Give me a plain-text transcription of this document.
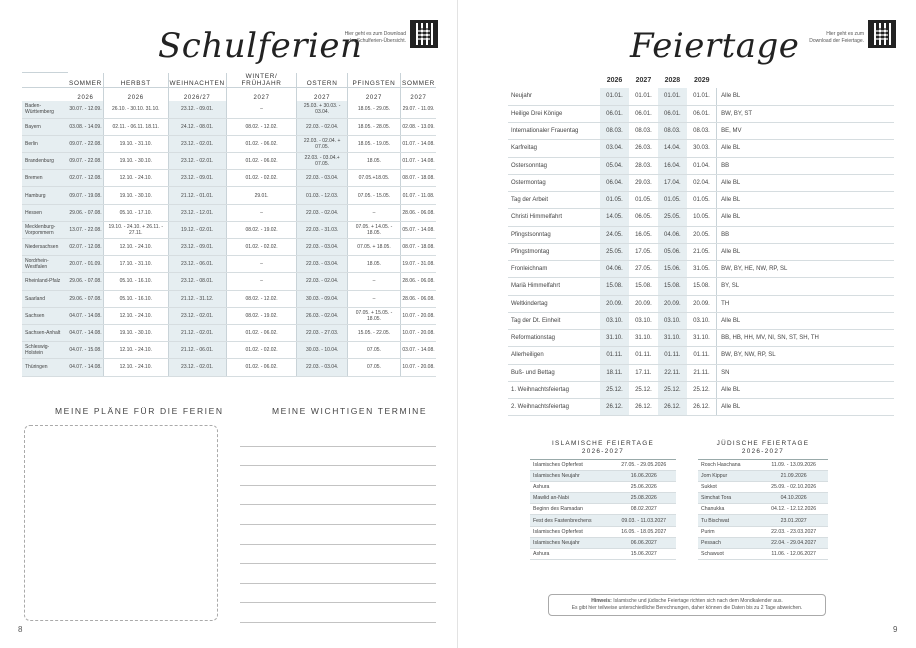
Schulferien
Hier geht es zum Download
der Schulferien-Übersicht.
	SOMMER	HERBST	WEIHNACHTEN	WINTER/ FRÜHJAHR	OSTERN	PFINGSTEN	SOMMER
	2026	2026	2026/27	2027	2027	2027	2027
Baden-Württemberg	30.07. - 12.09.	26.10. - 30.10. 31.10.	23.12. - 09.01.	–	25.03. + 30.03. - 03.04.	18.05. - 29.05.	29.07. - 11.09.
Bayern	03.08. - 14.09.	02.11. - 06.11. 18.11.	24.12. - 08.01.	08.02. - 12.02.	22.03. - 02.04.	18.05. - 28.05.	02.08. - 13.09.
Berlin	09.07. - 22.08.	19.10. - 31.10.	23.12. - 02.01.	01.02. - 06.02.	22.03. - 02.04. + 07.05.	18.05. - 19.05.	01.07. - 14.08.
Brandenburg	09.07. - 22.08.	19.10. - 30.10.	23.12. - 02.01.	01.02. - 06.02.	22.03. - 03.04.+ 07.05.	18.05.	01.07. - 14.08.
Bremen	02.07. - 12.08.	12.10. - 24.10.	23.12. - 09.01.	01.02. - 02.02.	22.03. - 03.04.	07.05.+18.05.	08.07. - 18.08.
Hamburg	09.07. - 19.08.	19.10. - 30.10.	21.12. - 01.01.	29.01.	01.03. - 12.03.	07.05. - 15.05.	01.07. - 11.08.
Hessen	29.06. - 07.08.	05.10. - 17.10.	23.12. - 12.01.	–	22.03. - 02.04.	–	28.06. - 06.08.
Mecklenburg-Vorpommern	13.07. - 22.08.	19.10. - 24.10. + 26.11. - 27.11.	19.12. - 02.01.	08.02. - 19.02.	22.03. - 31.03.	07.05. + 14.05. - 18.05.	05.07. - 14.08.
Niedersachsen	02.07. - 12.08.	12.10. - 24.10.	23.12. - 09.01.	01.02. - 02.02.	22.03. - 03.04.	07.05. + 18.05.	08.07. - 18.08.
Nordrhein-Westfalen	20.07. - 01.09.	17.10. - 31.10.	23.12. - 06.01.	–	22.03. - 03.04.	18.05.	19.07. - 31.08.
Rheinland-Pfalz	29.06. - 07.08.	05.10. - 16.10.	23.12. - 08.01.	–	22.03. - 02.04.	–	28.06. - 06.08.
Saarland	29.06. - 07.08.	05.10. - 16.10.	21.12. - 31.12.	08.02. - 12.02.	30.03. - 09.04.	–	28.06. - 06.08.
Sachsen	04.07. - 14.08.	12.10. - 24.10.	23.12. - 02.01.	08.02. - 19.02.	26.03. - 02.04.	07.05. + 15.05. - 18.05.	10.07. - 20.08.
Sachsen-Anhalt	04.07. - 14.08.	19.10. - 30.10.	21.12. - 02.01.	01.02. - 06.02.	22.03. - 27.03.	15.05. - 22.05.	10.07. - 20.08.
Schleswig-Holstein	04.07. - 15.08.	12.10. - 24.10.	21.12. - 06.01.	01.02. - 02.02.	30.03. - 10.04.	07.05.	03.07. - 14.08.
Thüringen	04.07. - 14.08.	12.10. - 24.10.	23.12. - 02.01.	01.02. - 06.02.	22.03. - 03.04.	07.05.	10.07. - 20.08.
MEINE PLÄNE FÜR DIE FERIEN	MEINE WICHTIGEN TERMINE
8
Feiertage	Hier geht es zum
Download der Feiertage.
	2026	2027	2028	2029	
Neujahr	01.01.	01.01.	01.01.	01.01.	Alle BL
Heilige Drei Könige	06.01.	06.01.	06.01.	06.01.	BW, BY, ST
Internationaler Frauentag	08.03.	08.03.	08.03.	08.03.	BE, MV
Karfreitag	03.04.	26.03.	14.04.	30.03.	Alle BL
Ostersonntag	05.04.	28.03.	16.04.	01.04.	BB
Ostermontag	06.04.	29.03.	17.04.	02.04.	Alle BL
Tag der Arbeit	01.05.	01.05.	01.05.	01.05.	Alle BL
Christi Himmelfahrt	14.05.	06.05.	25.05.	10.05.	Alle BL
Pfingstsonntag	24.05.	16.05.	04.06.	20.05.	BB
Pfingstmontag	25.05.	17.05.	05.06.	21.05.	Alle BL
Fronleichnam	04.06.	27.05.	15.06.	31.05.	BW, BY, HE, NW, RP, SL
Mariä Himmelfahrt	15.08.	15.08.	15.08.	15.08.	BY, SL
Weltkindertag	20.09.	20.09.	20.09.	20.09.	TH
Tag der Dt. Einheit	03.10.	03.10.	03.10.	03.10.	Alle BL
Reformationstag	31.10.	31.10.	31.10.	31.10.	BB, HB, HH, MV, NI, SN, ST, SH, TH
Allerheiligen	01.11.	01.11.	01.11.	01.11.	BW, BY, NW, RP, SL
Buß- und Bettag	18.11.	17.11.	22.11.	21.11.	SN
1. Weihnachtsfeiertag	25.12.	25.12.	25.12.	25.12.	Alle BL
2. Weihnachtsfeiertag	26.12.	26.12.	26.12.	26.12.	Alle BL
ISLAMISCHE FEIERTAGE
2026-2027
Islamisches Opferfest	27.05. - 29.05.2026
Islamisches Neujahr	16.06.2026
Ashura	25.06.2026
Mawlid an-Nabi	25.08.2026
Beginn des Ramadan	08.02.2027
Fest des Fastenbrechens	09.03. - 11.03.2027
Islamisches Opferfest	16.05. - 18.05.2027
Islamisches Neujahr	06.06.2027
Ashura	15.06.2027
JÜDISCHE FEIERTAGE
2026-2027
Rosch Haschana	11.09. - 13.09.2026
Jom Kippur	21.09.2026
Sukkot	25.09. - 02.10.2026
Simchat Tora	04.10.2026
Chanukka	04.12. - 12.12.2026
Tu Bischwat	23.01.2027
Purim	22.03. - 23.03.2027
Pessach	22.04. - 29.04.2027
Schawuot	11.06. - 12.06.2027
Hinweis: Islamische und jüdische Feiertage richten sich nach dem Mondkalender aus.
Es gibt hier teilweise unterschiedliche Berechnungen, daher können die Daten bis zu 2 Tage abweichen.
9
